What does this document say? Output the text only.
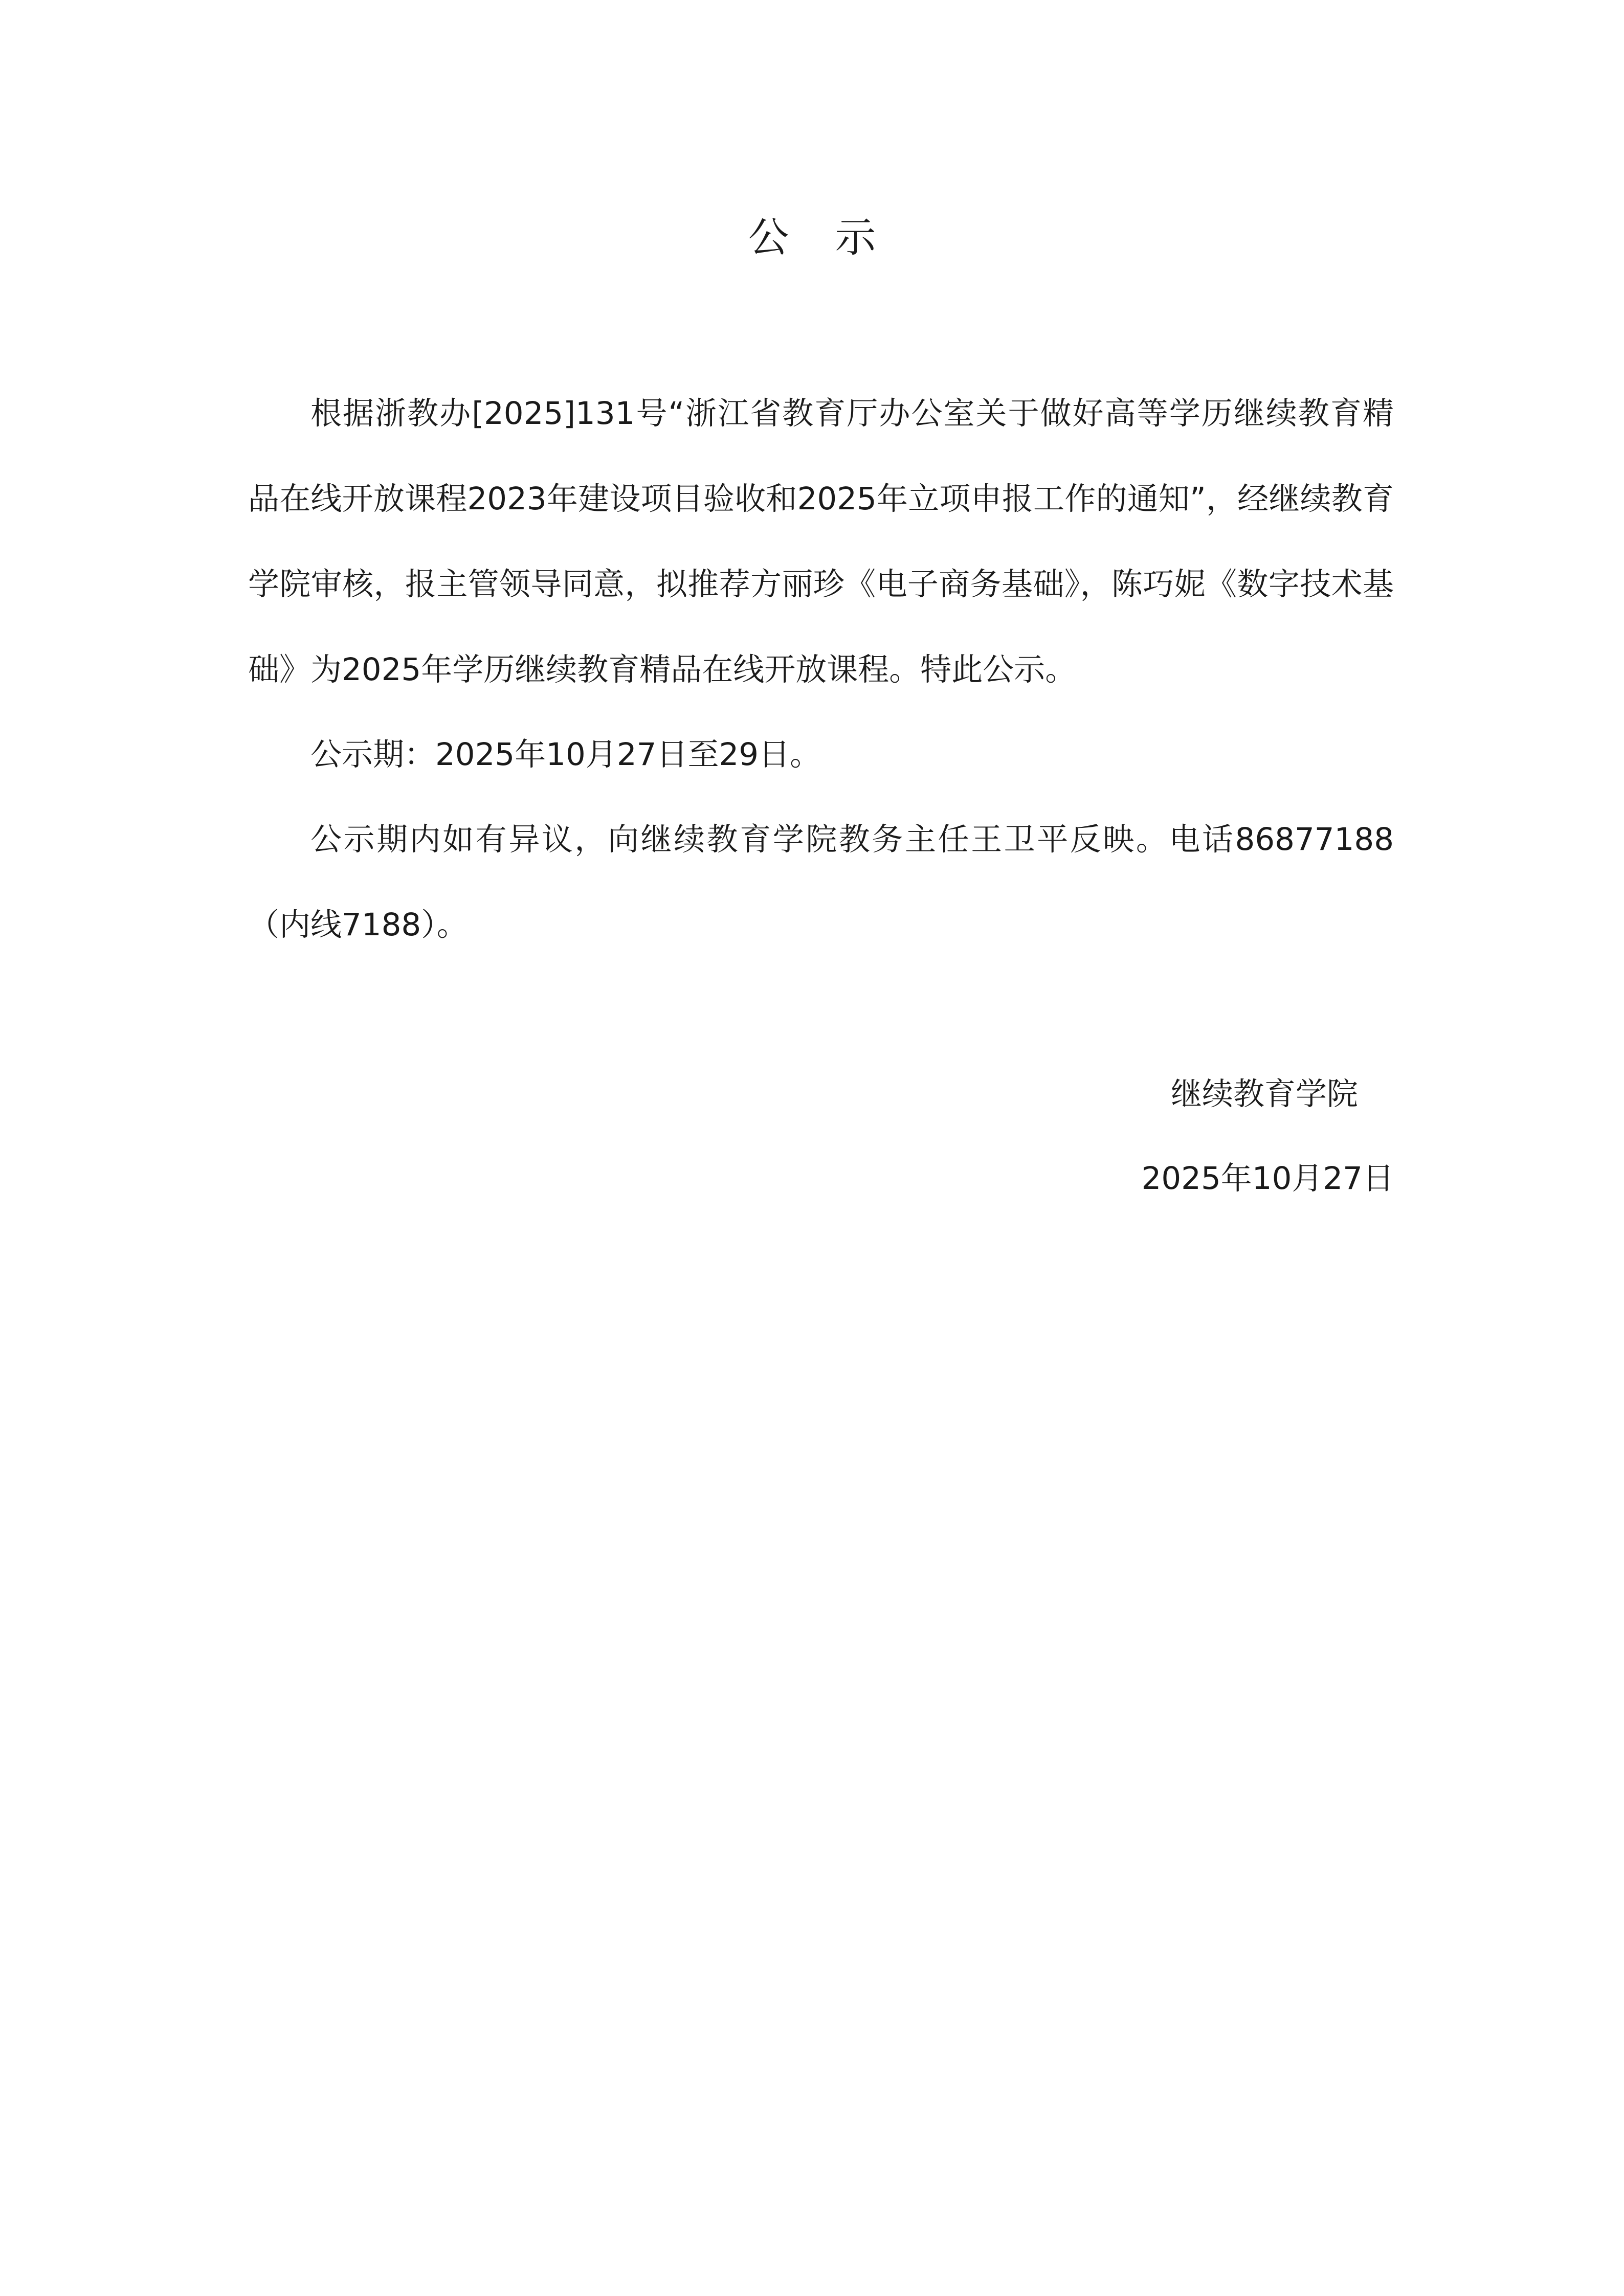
公示

根据浙教办[2025]131号“浙江省教育厅办公室关于做好高等学历继续教育精品在线开放课程2023年建设项目验收和2025年立项申报工作的通知”，经继续教育学院审核，报主管领导同意，拟推荐方丽珍《电子商务基础》，陈巧妮《数字技术基础》为2025年学历继续教育精品在线开放课程。特此公示。

公示期：2025年10月27日至29日。

公示期内如有异议，向继续教育学院教务主任王卫平反映。电话86877188（内线7188）。

继续教育学院
2025年10月27日
